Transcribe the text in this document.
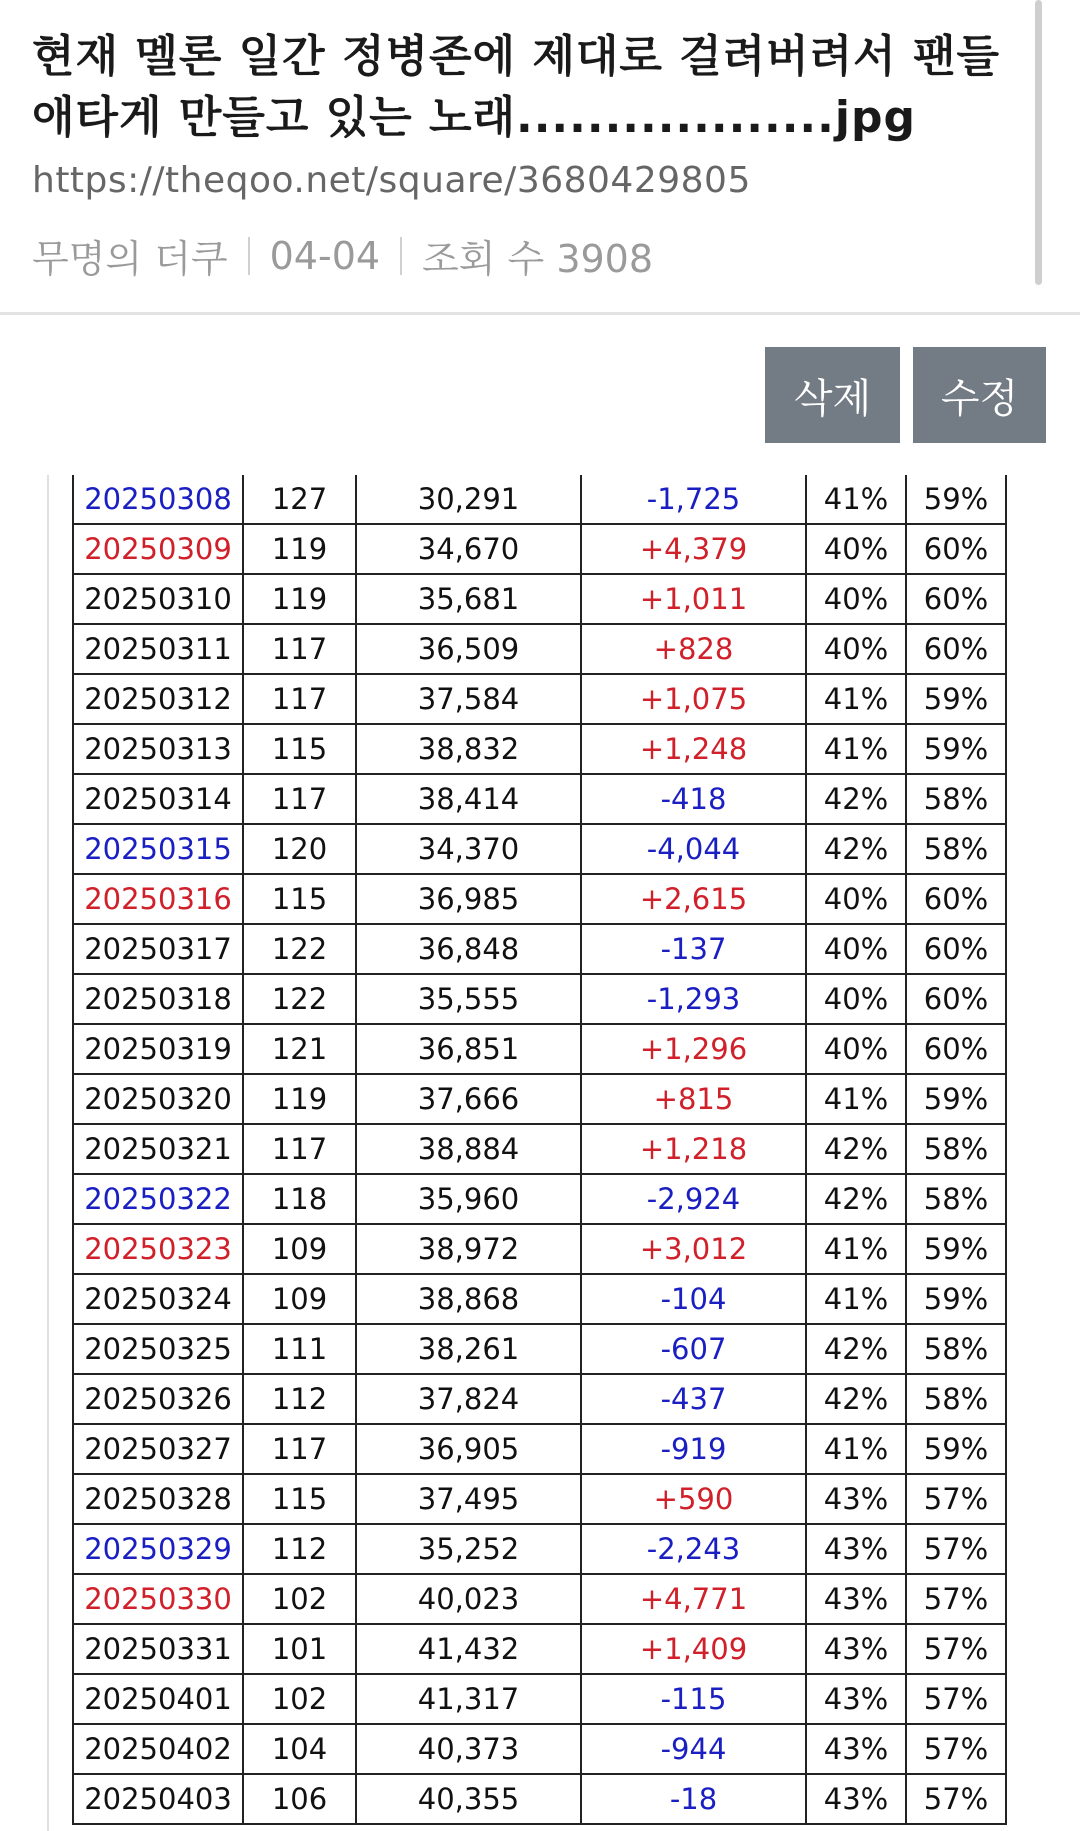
현재 멜론 일간 정병존에 제대로 걸려버려서 팬들 애타게 만들고 있는 노래..................jpg
https://theqoo.net/square/3680429805
무명의 더쿠 04-04 조회 수 3908
삭제	수정
20250308	127	30,291	-1,725	41%	59%
20250309	119	34,670	+4,379	40%	60%
20250310	119	35,681	+1,011	40%	60%
20250311	117	36,509	+828	40%	60%
20250312	117	37,584	+1,075	41%	59%
20250313	115	38,832	+1,248	41%	59%
20250314	117	38,414	-418	42%	58%
20250315	120	34,370	-4,044	42%	58%
20250316	115	36,985	+2,615	40%	60%
20250317	122	36,848	-137	40%	60%
20250318	122	35,555	-1,293	40%	60%
20250319	121	36,851	+1,296	40%	60%
20250320	119	37,666	+815	41%	59%
20250321	117	38,884	+1,218	42%	58%
20250322	118	35,960	-2,924	42%	58%
20250323	109	38,972	+3,012	41%	59%
20250324	109	38,868	-104	41%	59%
20250325	111	38,261	-607	42%	58%
20250326	112	37,824	-437	42%	58%
20250327	117	36,905	-919	41%	59%
20250328	115	37,495	+590	43%	57%
20250329	112	35,252	-2,243	43%	57%
20250330	102	40,023	+4,771	43%	57%
20250331	101	41,432	+1,409	43%	57%
20250401	102	41,317	-115	43%	57%
20250402	104	40,373	-944	43%	57%
20250403	106	40,355	-18	43%	57%
